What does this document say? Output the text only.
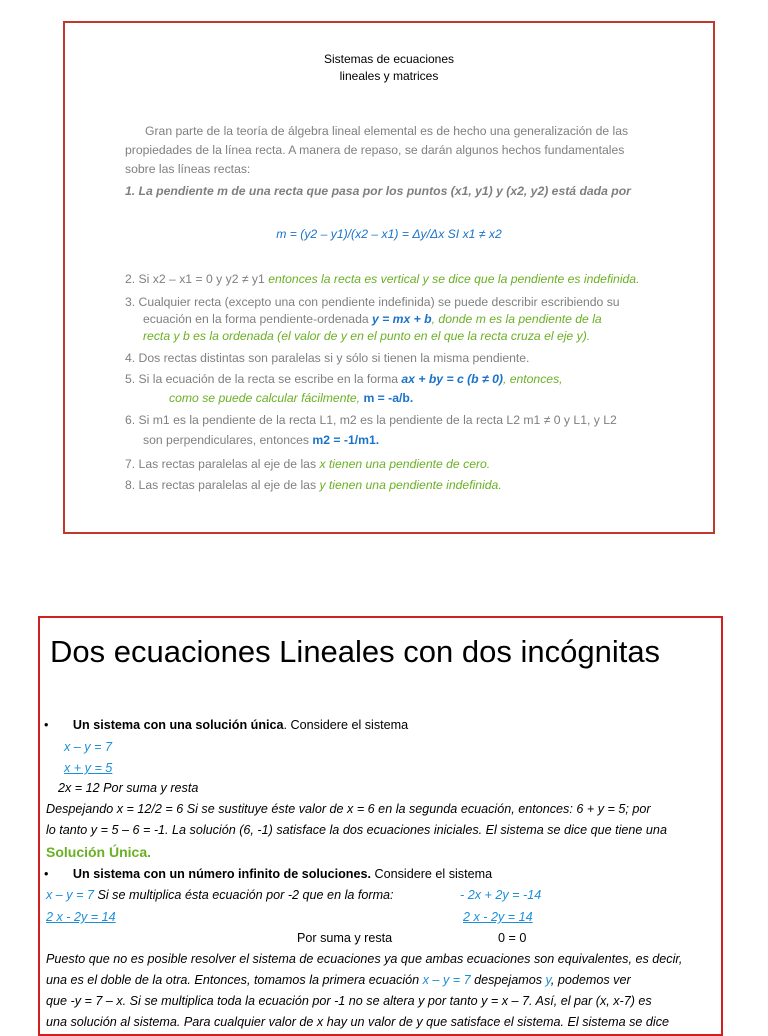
Sistemas de ecuaciones
lineales y matrices
Gran parte de la teoría de álgebra lineal elemental es de hecho una generalización de las
propiedades de la línea recta. A manera de repaso, se darán algunos hechos fundamentales
sobre las líneas rectas:
1. La pendiente m de una recta que pasa por los puntos (x1, y1) y (x2, y2) está dada por
m = (y2 – y1)/(x2 – x1) = Δy/Δx SI x1 ≠ x2
2. Si x2 – x1 = 0 y y2 ≠ y1 entonces la recta es vertical y se dice que la pendiente es indefinida.
3. Cualquier recta (excepto una con pendiente indefinida) se puede describir escribiendo su
ecuación en la forma pendiente-ordenada y = mx + b, donde m es la pendiente de la
recta y b es la ordenada (el valor de y en el punto en el que la recta cruza el eje y).
4. Dos rectas distintas son paralelas si y sólo si tienen la misma pendiente.
5. Si la ecuación de la recta se escribe en la forma ax + by = c (b ≠ 0), entonces,
como se puede calcular fácilmente, m = -a/b.
6. Si m1 es la pendiente de la recta L1, m2 es la pendiente de la recta L2 m1 ≠ 0 y L1, y L2
son perpendiculares, entonces m2 = -1/m1.
7. Las rectas paralelas al eje de las x tienen una pendiente de cero.
8. Las rectas paralelas al eje de las y tienen una pendiente indefinida.
Dos ecuaciones Lineales con dos incógnitas
•       Un sistema con una solución única. Considere el sistema
x – y = 7
x + y = 5
2x = 12 Por suma y resta
Despejando x = 12/2 = 6 Si se sustituye éste valor de x = 6 en la segunda ecuación, entonces: 6 + y = 5; por
lo tanto y = 5 – 6 = -1. La solución (6, -1) satisface la dos ecuaciones iniciales. El sistema se dice que tiene una
Solución Única.
•       Un sistema con un número infinito de soluciones. Considere el sistema
x – y = 7 Si se multiplica ésta ecuación por -2 que en la forma:	- 2x + 2y = -14
2 x - 2y = 14	2 x - 2y = 14
Por suma y resta	0 = 0
Puesto que no es posible resolver el sistema de ecuaciones ya que ambas ecuaciones son equivalentes, es decir,
una es el doble de la otra. Entonces, tomamos la primera ecuación x – y = 7 despejamos y, podemos ver
que -y = 7 – x. Si se multiplica toda la ecuación por -1 no se altera y por tanto y = x – 7. Así, el par (x, x-7) es
una solución al sistema. Para cualquier valor de x hay un valor de y que satisface el sistema. El sistema se dice
